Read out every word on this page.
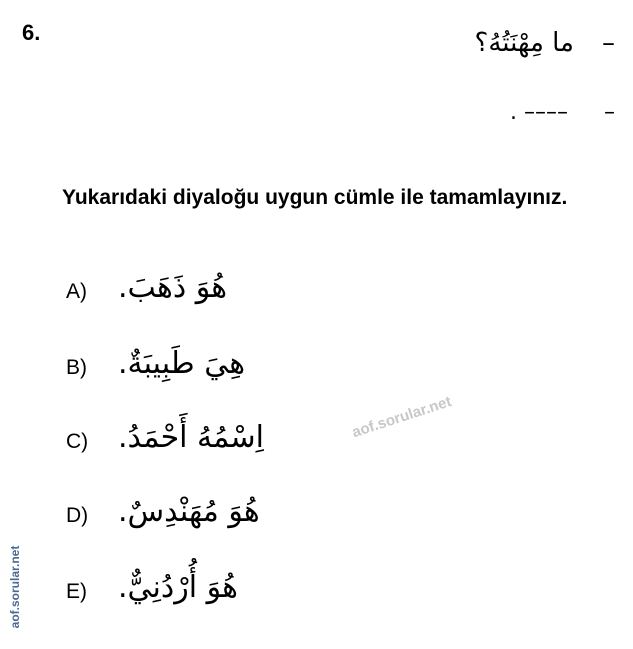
6.	–ما مِهْنَتُهُ؟
––––– .
Yukarıdaki diyaloğu uygun cümle ile tamamlayınız.
A) هُوَ ذَهَبَ.
B) هِيَ طَبِيبَةٌ.
C) اِسْمُهُ أَحْمَدُ.
D) هُوَ مُهَنْدِسٌ.
E) هُوَ أُرْدُنِيٌّ.
aof.sorular.net
aof.sorular.net
